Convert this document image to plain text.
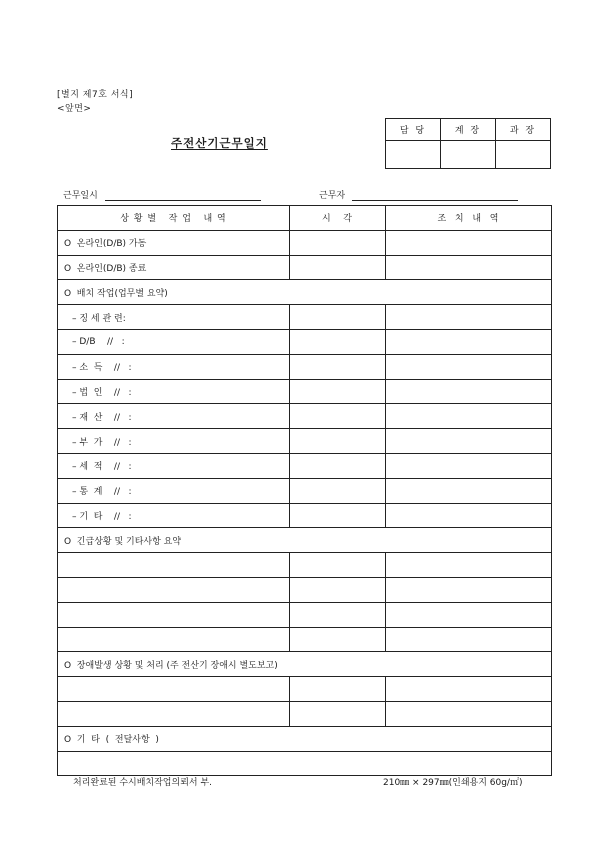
[별지 제7호 서식]
<앞면>
주전산기근무일지
담 당	계 장	과 장

근무일시	근무자
상 황 별   작 업   내 역	시   각	조  치  내  역
O  온라인(D/B) 가동		
O  온라인(D/B) 종료		
O  배치 작업(업무별 요약)		
– 징 세 관 련:		
– D/B    //   :		
– 소  득    //   :		
– 법  인    //   :		
– 재  산    //   :		
– 부  가    //   :		
– 세  적    //   :		
– 통  계    //   :		
– 기  타    //   :		
O  긴급상황 및 기타사항 요약		

O  장애발생 상황 및 처리 (주 전산기 장애시 별도보고)		

O  기  타  (  전달사항  )		

처리완료된 수시배치작업의뢰서 부.	210㎜ × 297㎜(인쇄용지 60g/㎡)
